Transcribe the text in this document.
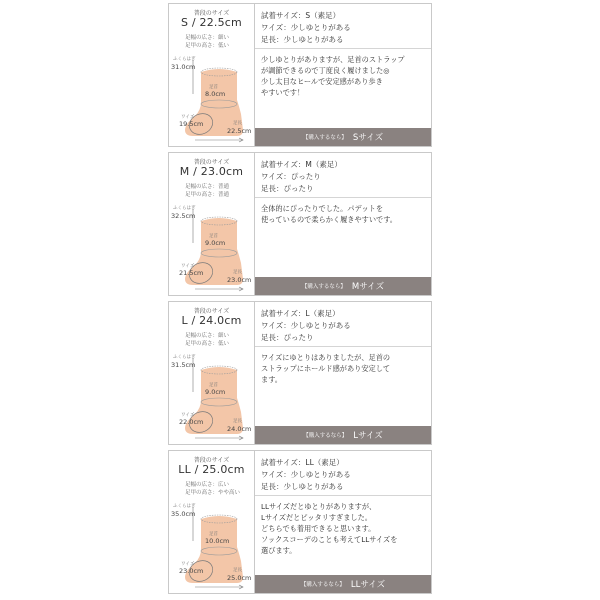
普段のサイズ
S / 22.5cm
足幅の広さ：細い
足甲の高さ：低い
ふくらはぎ
31.0cm
足首
8.0cm
ワイズ
19.5cm	足長
22.5cm
試着サイズ：S（素足）
ワイズ：少しゆとりがある
足長：少しゆとりがある
少しゆとりがありますが、足首のストラップ
が調節できるので丁度良く履けました◎
少し太目なヒールで安定感があり歩き
やすいです！
【購入するなら】 Sサイズ
普段のサイズ
M / 23.0cm
足幅の広さ：普通
足甲の高さ：普通
ふくらはぎ
32.5cm
足首
9.0cm
ワイズ
21.5cm	足長
23.0cm
試着サイズ：M（素足）
ワイズ：ぴったり
足長：ぴったり
全体的にぴったりでした。パデットを
使っているので柔らかく履きやすいです。
【購入するなら】 Mサイズ
普段のサイズ
L / 24.0cm
足幅の広さ：細い
足甲の高さ：低い
ふくらはぎ
31.5cm
足首
9.0cm
ワイズ
22.0cm	足長
24.0cm
試着サイズ：L（素足）
ワイズ：少しゆとりがある
足長：ぴったり
ワイズにゆとりはありましたが、足首の
ストラップにホールド感があり安定して
ます。
【購入するなら】 Lサイズ
普段のサイズ
LL / 25.0cm
足幅の広さ：広い
足甲の高さ：やや高い
ふくらはぎ
35.0cm
足首
10.0cm
ワイズ
23.0cm	足長
25.0cm
試着サイズ：LL（素足）
ワイズ：少しゆとりがある
足長：少しゆとりがある
LLサイズだとゆとりがありますが、
Lサイズだとピッタリすぎました。
どちらでも着用できると思います。
ソックスコーデのことも考えてLLサイズを
選びます。
【購入するなら】 LLサイズ
